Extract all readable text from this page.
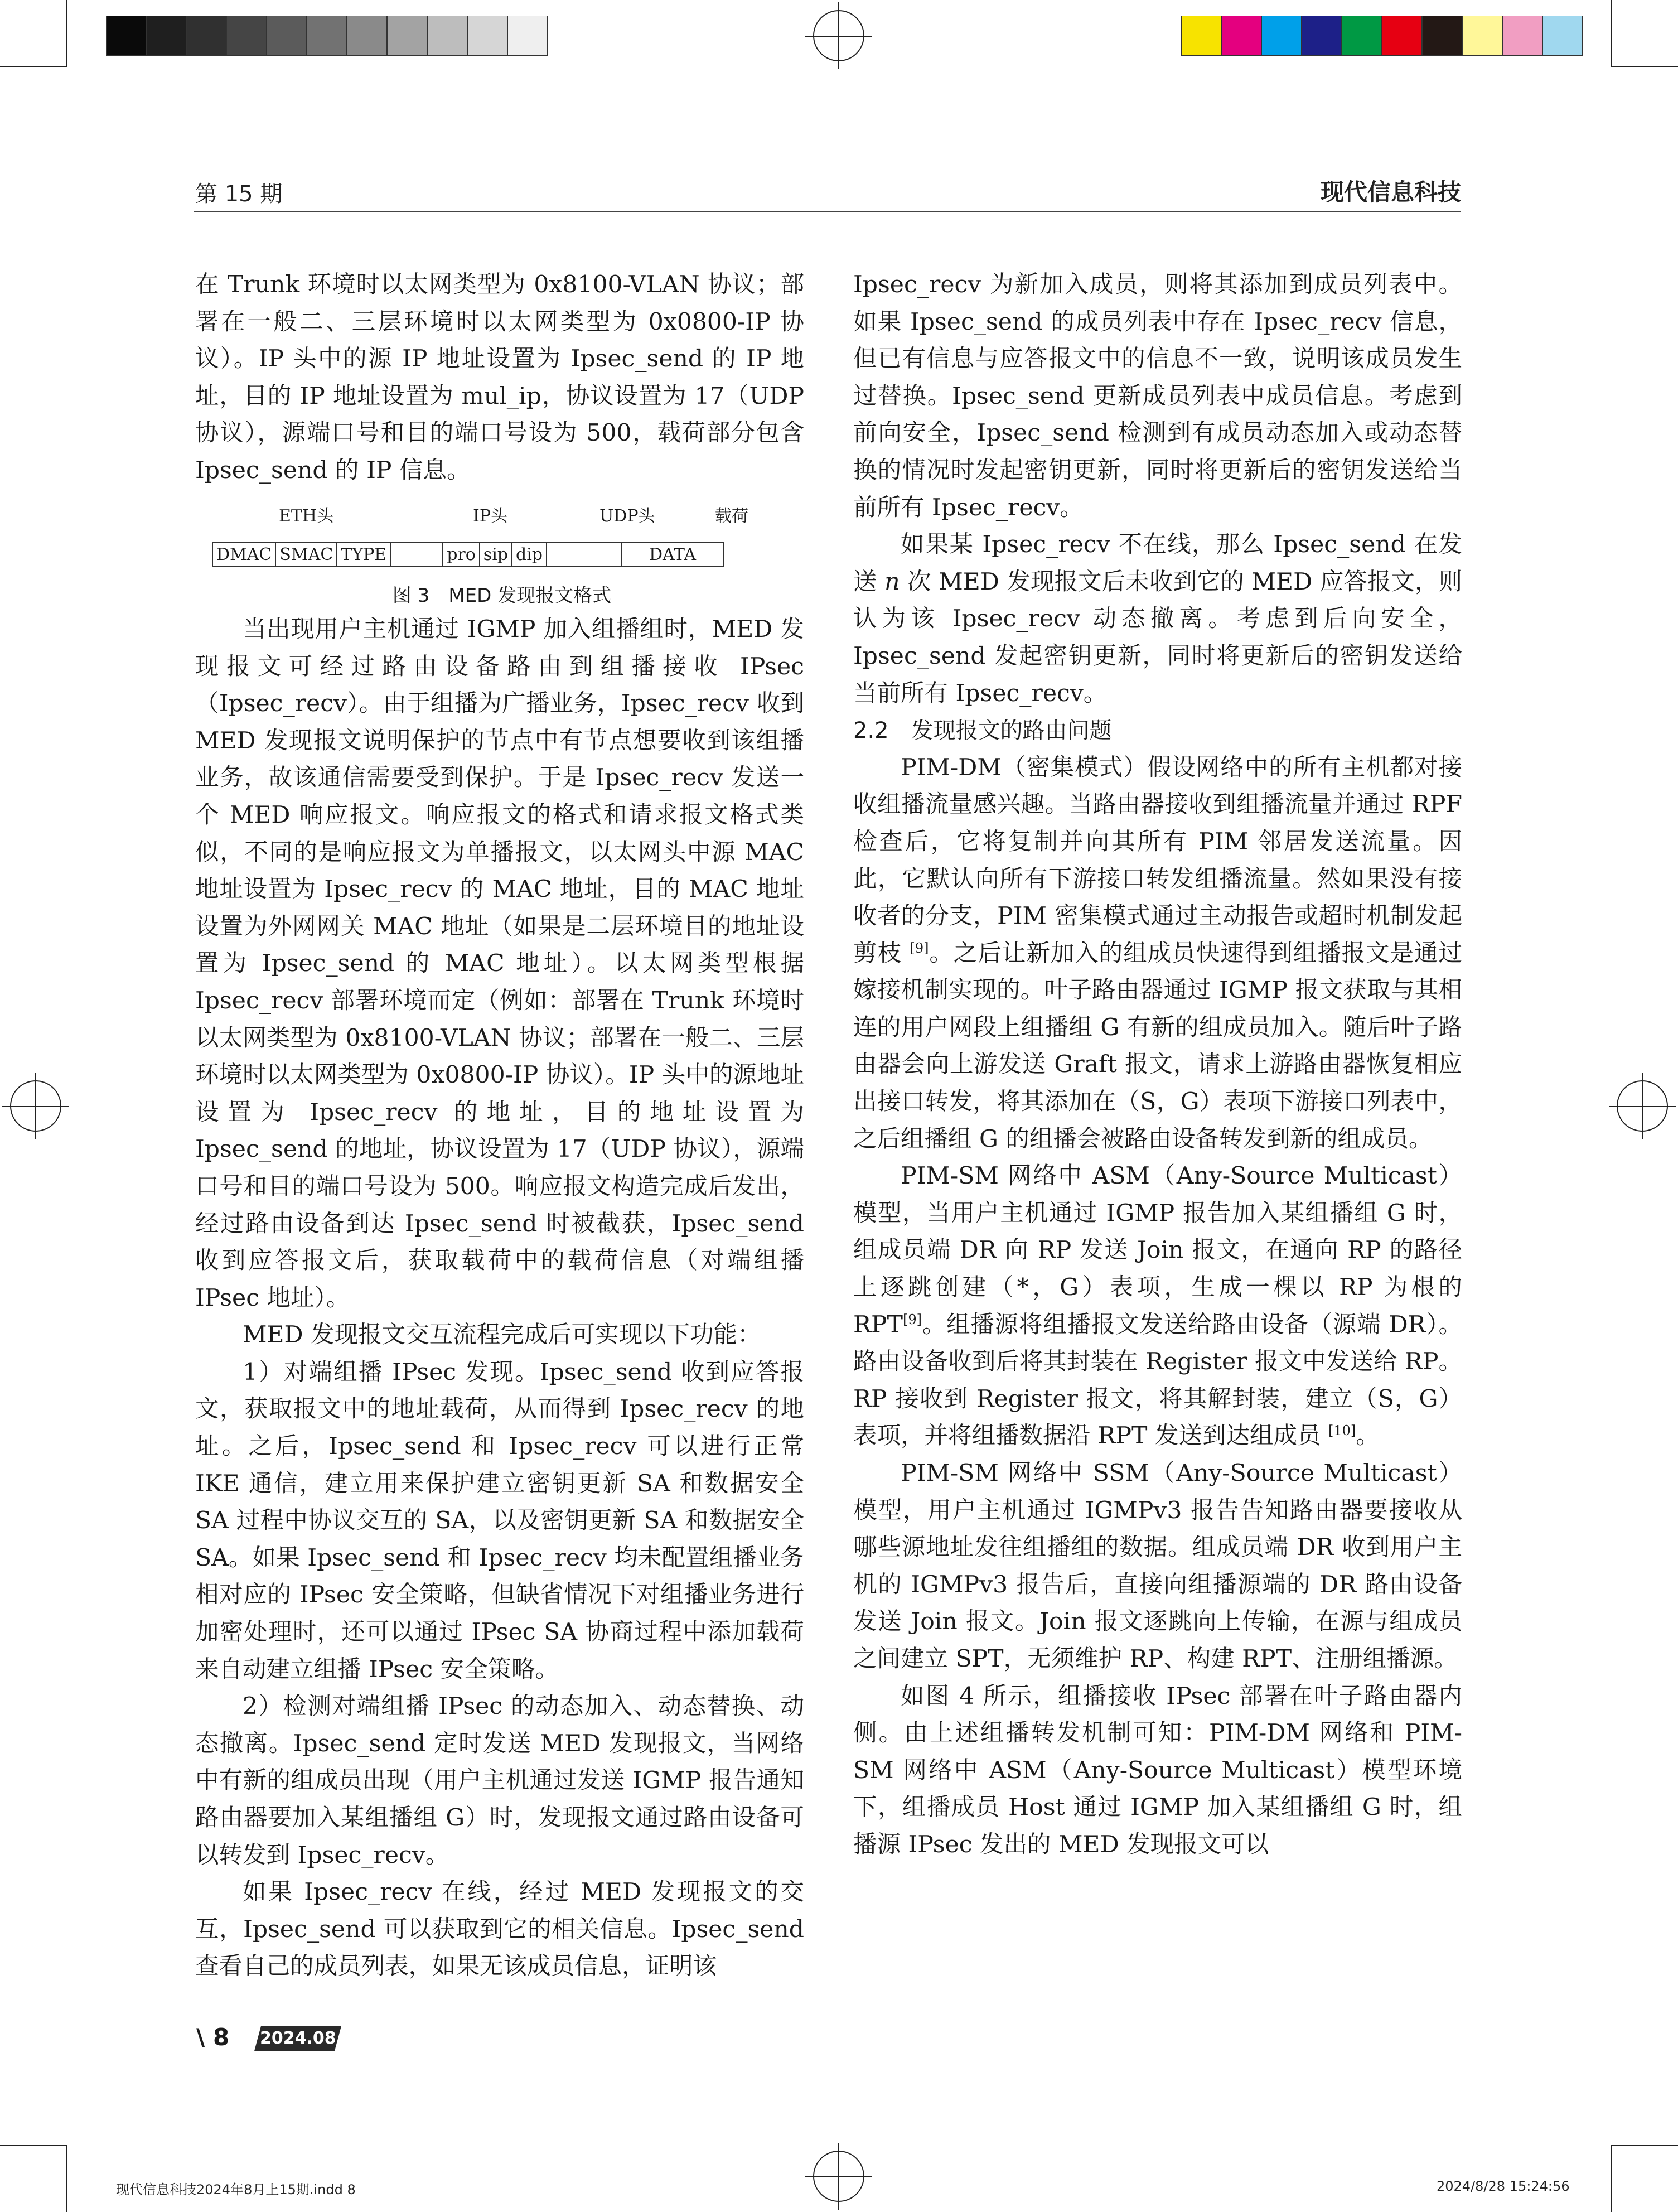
第 15 期	现代信息科技

在 Trunk 环境时以太网类型为 0x8100-VLAN 协议；部署在一般二、三层环境时以太网类型为 0x0800-IP 协议）。IP 头中的源 IP 地址设置为 Ipsec_send 的 IP 地址，目的 IP 地址设置为 mul_ip，协议设置为 17（UDP 协议），源端口号和目的端口号设为 500，载荷部分包含 Ipsec_send 的 IP 信息。

ETH头	IP头	UDP头	载荷
DMAC	SMAC	TYPE		pro	sip	dip		DATA
图 3　MED 发现报文格式

当出现用户主机通过 IGMP 加入组播组时，MED 发现报文可经过路由设备路由到组播接收 IPsec（Ipsec_recv）。由于组播为广播业务，Ipsec_recv 收到 MED 发现报文说明保护的节点中有节点想要收到该组播业务，故该通信需要受到保护。于是 Ipsec_recv 发送一个 MED 响应报文。响应报文的格式和请求报文格式类似，不同的是响应报文为单播报文，以太网头中源 MAC 地址设置为 Ipsec_recv 的 MAC 地址，目的 MAC 地址设置为外网网关 MAC 地址（如果是二层环境目的地址设置为 Ipsec_send 的 MAC 地址）。以太网类型根据 Ipsec_recv 部署环境而定（例如：部署在 Trunk 环境时以太网类型为 0x8100-VLAN 协议；部署在一般二、三层环境时以太网类型为 0x0800-IP 协议）。IP 头中的源地址设置为 Ipsec_recv 的地址，目的地址设置为 Ipsec_send 的地址，协议设置为 17（UDP 协议），源端口号和目的端口号设为 500。响应报文构造完成后发出，经过路由设备到达 Ipsec_send 时被截获，Ipsec_send 收到应答报文后，获取载荷中的载荷信息（对端组播 IPsec 地址）。

MED 发现报文交互流程完成后可实现以下功能：

1）对端组播 IPsec 发现。Ipsec_send 收到应答报文，获取报文中的地址载荷，从而得到 Ipsec_recv 的地址。之后，Ipsec_send 和 Ipsec_recv 可以进行正常 IKE 通信，建立用来保护建立密钥更新 SA 和数据安全 SA 过程中协议交互的 SA，以及密钥更新 SA 和数据安全 SA。如果 Ipsec_send 和 Ipsec_recv 均未配置组播业务相对应的 IPsec 安全策略，但缺省情况下对组播业务进行加密处理时，还可以通过 IPsec SA 协商过程中添加载荷来自动建立组播 IPsec 安全策略。

2）检测对端组播 IPsec 的动态加入、动态替换、动态撤离。Ipsec_send 定时发送 MED 发现报文，当网络中有新的组成员出现（用户主机通过发送 IGMP 报告通知路由器要加入某组播组 G）时，发现报文通过路由设备可以转发到 Ipsec_recv。

如果 Ipsec_recv 在线，经过 MED 发现报文的交互，Ipsec_send 可以获取到它的相关信息。Ipsec_send 查看自己的成员列表，如果无该成员信息，证明该

Ipsec_recv 为新加入成员，则将其添加到成员列表中。如果 Ipsec_send 的成员列表中存在 Ipsec_recv 信息，但已有信息与应答报文中的信息不一致，说明该成员发生过替换。Ipsec_send 更新成员列表中成员信息。考虑到前向安全，Ipsec_send 检测到有成员动态加入或动态替换的情况时发起密钥更新，同时将更新后的密钥发送给当前所有 Ipsec_recv。

如果某 Ipsec_recv 不在线，那么 Ipsec_send 在发送 n 次 MED 发现报文后未收到它的 MED 应答报文，则认为该 Ipsec_recv 动态撤离。考虑到后向安全，Ipsec_send 发起密钥更新，同时将更新后的密钥发送给当前所有 Ipsec_recv。

2.2　发现报文的路由问题

PIM-DM（密集模式）假设网络中的所有主机都对接收组播流量感兴趣。当路由器接收到组播流量并通过 RPF 检查后，它将复制并向其所有 PIM 邻居发送流量。因此，它默认向所有下游接口转发组播流量。然如果没有接收者的分支，PIM 密集模式通过主动报告或超时机制发起剪枝 [9]。之后让新加入的组成员快速得到组播报文是通过嫁接机制实现的。叶子路由器通过 IGMP 报文获取与其相连的用户网段上组播组 G 有新的组成员加入。随后叶子路由器会向上游发送 Graft 报文，请求上游路由器恢复相应出接口转发，将其添加在（S，G）表项下游接口列表中，之后组播组 G 的组播会被路由设备转发到新的组成员。

PIM-SM 网络中 ASM（Any-Source Multicast）模型，当用户主机通过 IGMP 报告加入某组播组 G 时，组成员端 DR 向 RP 发送 Join 报文，在通向 RP 的路径上逐跳创建（*，G）表项，生成一棵以 RP 为根的 RPT[9]。组播源将组播报文发送给路由设备（源端 DR）。路由设备收到后将其封装在 Register 报文中发送给 RP。RP 接收到 Register 报文，将其解封装，建立（S，G）表项，并将组播数据沿 RPT 发送到达组成员 [10]。

PIM-SM 网络中 SSM（Any-Source Multicast）模型，用户主机通过 IGMPv3 报告告知路由器要接收从哪些源地址发往组播组的数据。组成员端 DR 收到用户主机的 IGMPv3 报告后，直接向组播源端的 DR 路由设备发送 Join 报文。Join 报文逐跳向上传输，在源与组成员之间建立 SPT，无须维护 RP、构建 RPT、注册组播源。

如图 4 所示，组播接收 IPsec 部署在叶子路由器内侧。由上述组播转发机制可知：PIM-DM 网络和 PIM-SM 网络中 ASM（Any-Source Multicast）模型环境下，组播成员 Host 通过 IGMP 加入某组播组 G 时，组播源 IPsec 发出的 MED 发现报文可以

\ 8	2024.08
现代信息科技2024年8月上15期.indd 8	2024/8/28 15:24:56
